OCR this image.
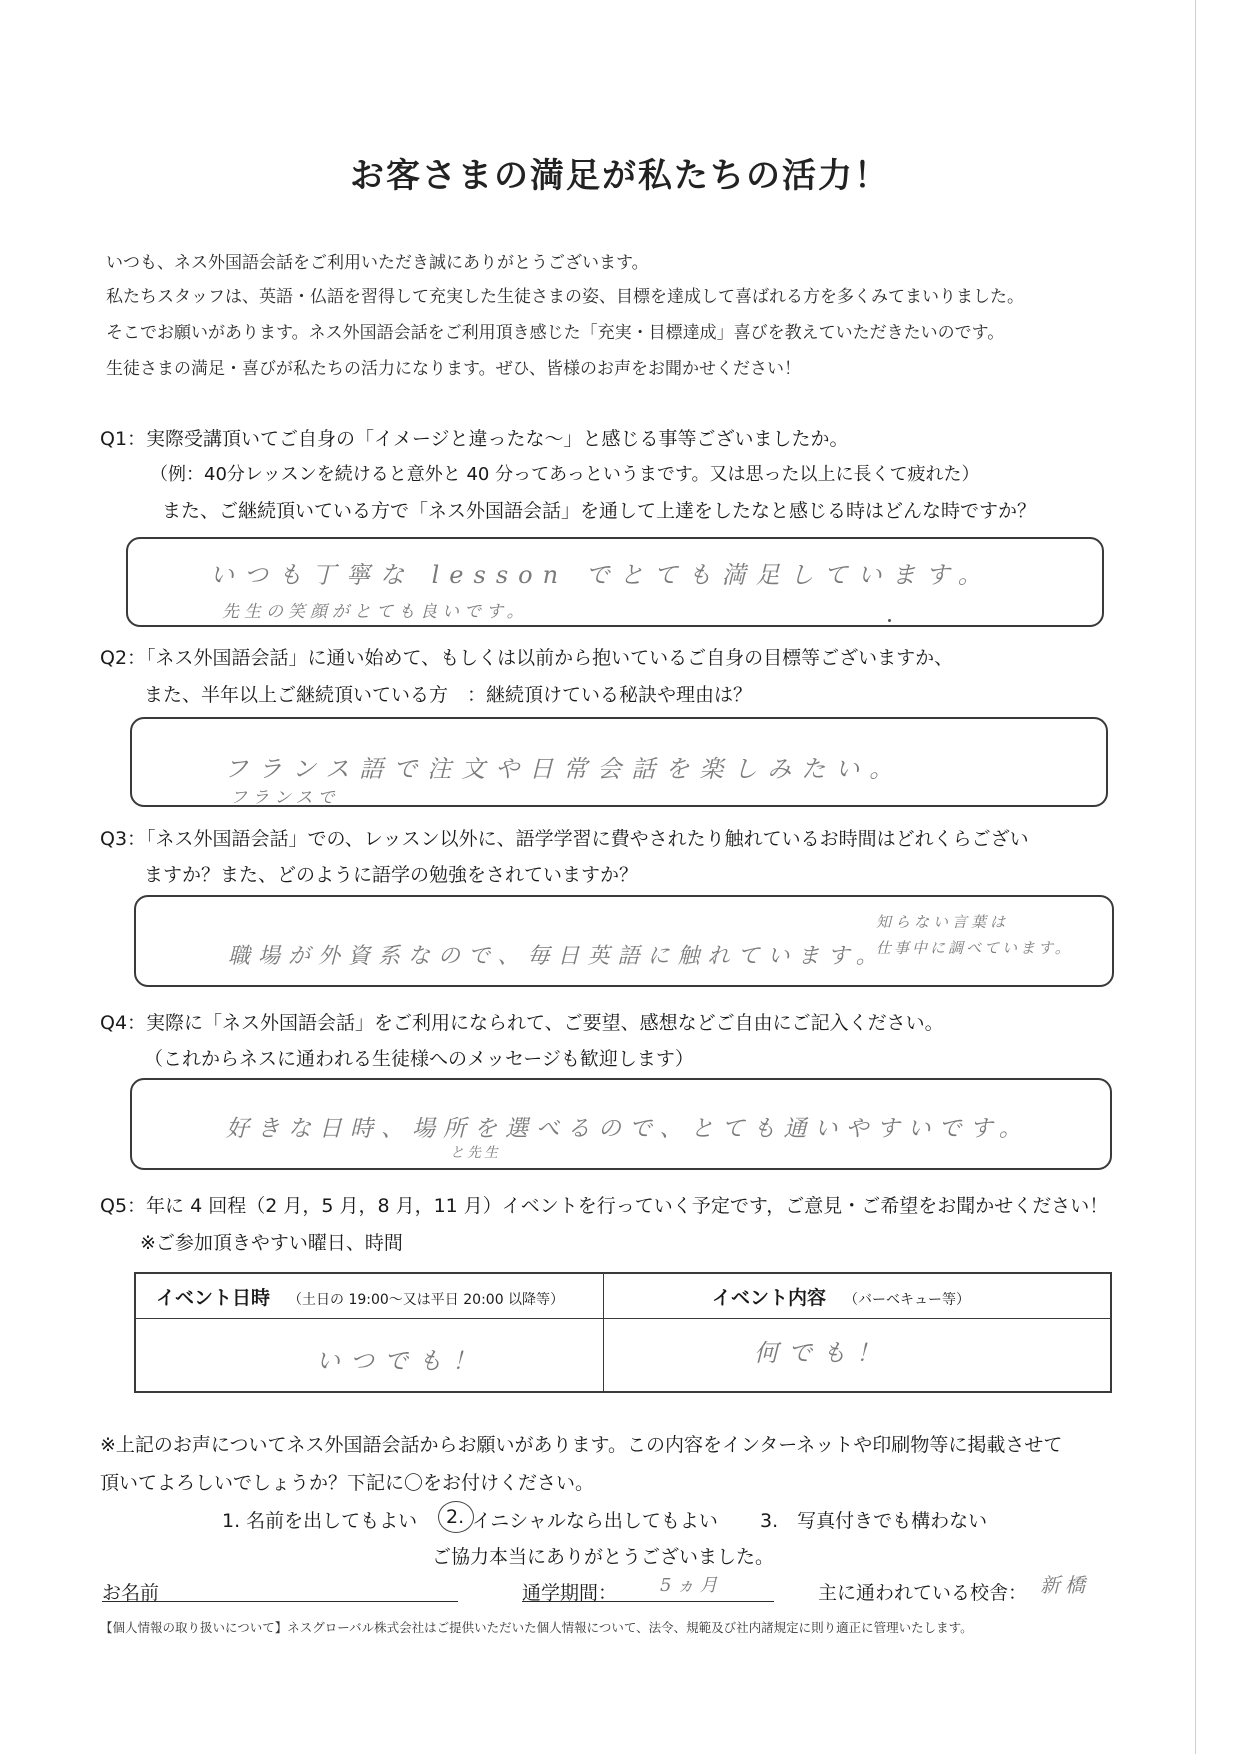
お客さまの満足が私たちの活力！
いつも、ネス外国語会話をご利用いただき誠にありがとうございます。
私たちスタッフは、英語・仏語を習得して充実した生徒さまの姿、目標を達成して喜ばれる方を多くみてまいりました。
そこでお願いがあります。ネス外国語会話をご利用頂き感じた「充実・目標達成」喜びを教えていただきたいのです。
生徒さまの満足・喜びが私たちの活力になります。ぜひ、皆様のお声をお聞かせください！
Q1：実際受講頂いてご自身の「イメージと違ったな～」と感じる事等ございましたか。
（例：40分レッスンを続けると意外と 40 分ってあっというまです。又は思った以上に長くて疲れた）
また、ご継続頂いている方で「ネス外国語会話」を通して上達をしたなと感じる時はどんな時ですか？
いつも丁寧な lesson でとても満足しています。
先生の笑顔がとても良いです。
Q2：「ネス外国語会話」に通い始めて、もしくは以前から抱いているご自身の目標等ございますか、
また、半年以上ご継続頂いている方　：継続頂けている秘訣や理由は？
フランス語で注文や日常会話を楽しみたい。
フランスで
Q3：「ネス外国語会話」での、レッスン以外に、語学学習に費やされたり触れているお時間はどれくらござい
ますか？また、どのように語学の勉強をされていますか？
職場が外資系なので、毎日英語に触れています。
知らない言葉は
仕事中に調べています。
Q4：実際に「ネス外国語会話」をご利用になられて、ご要望、感想などご自由にご記入ください。
（これからネスに通われる生徒様へのメッセージも歓迎します）
好きな日時、場所を選べるので、とても通いやすいです。
と先生
Q5：年に 4 回程（2 月，5 月，8 月，11 月）イベントを行っていく予定です，ご意見・ご希望をお聞かせください！
※ご参加頂きやすい曜日、時間
イベント日時 （土日の 19:00～又は平日 20:00 以降等）	イベント内容 （バーベキュー等）

いつでも！	何でも！
※上記のお声についてネス外国語会話からお願いがあります。この内容をインターネットや印刷物等に掲載させて
頂いてよろしいでしょうか？下記に〇をお付けください。
1. 名前を出してもよい 2. イニシャルなら出してもよい 3.　写真付きでも構わない
ご協力本当にありがとうございました。
お名前	通学期間： 5ヵ月	主に通われている校舎： 新橋
【個人情報の取り扱いについて】ネスグローバル株式会社はご提供いただいた個人情報について、法令、規範及び社内諸規定に則り適正に管理いたします。
